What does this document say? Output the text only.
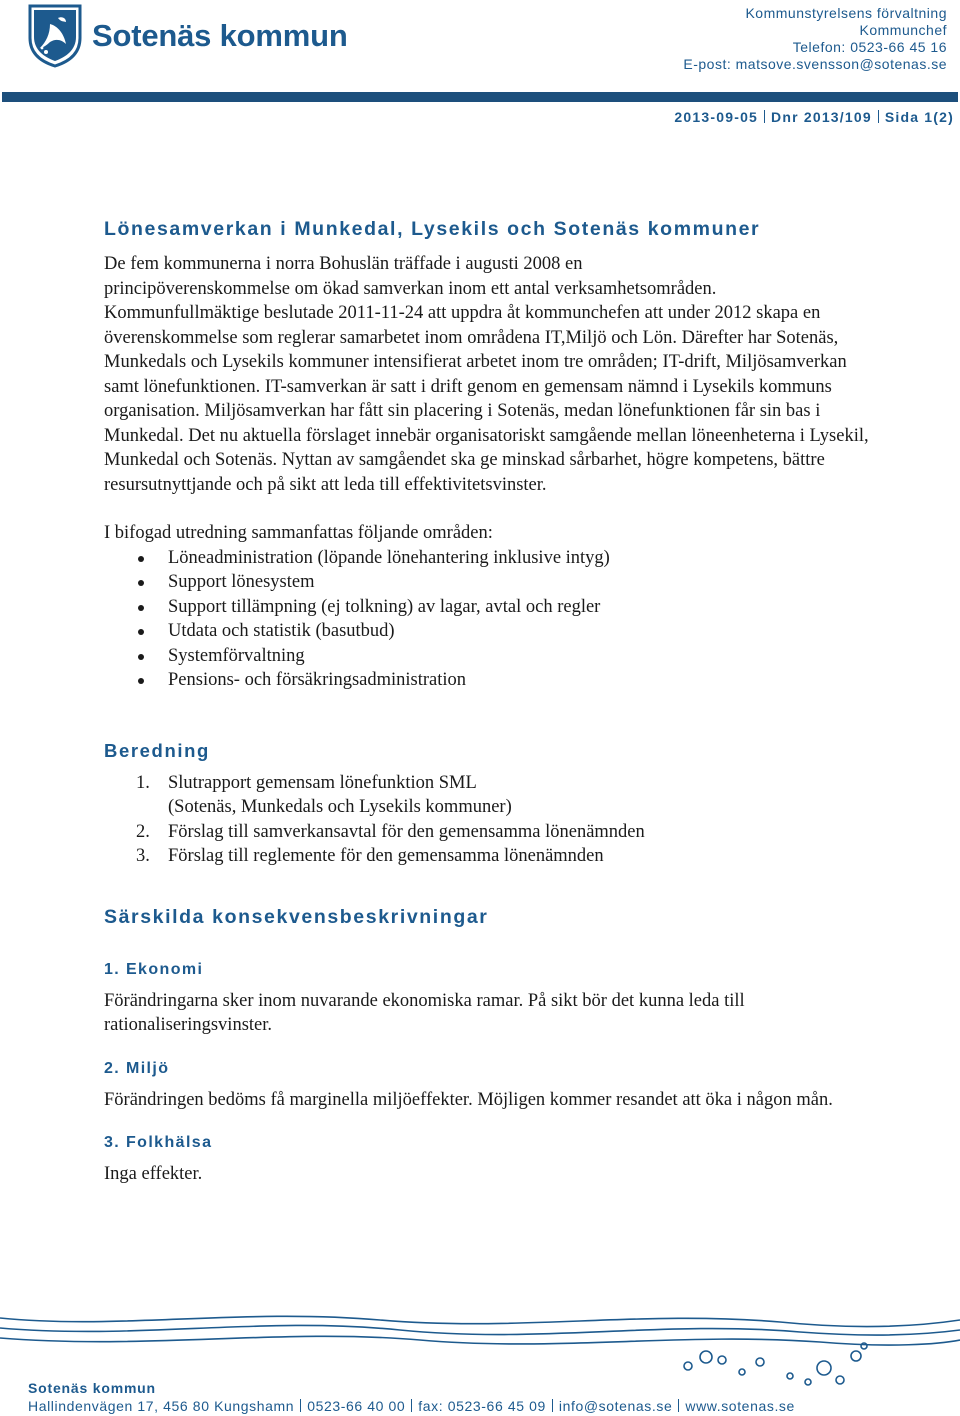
Sotenäs kommun
Kommunstyrelsens förvaltning
Kommunchef
Telefon: 0523-66 45 16
E-post: matsove.svensson@sotenas.se
2013-09-05 Dnr 2013/109 Sida 1(2)
Lönesamverkan i Munkedal, Lysekils och Sotenäs kommuner

De fem kommunerna i norra Bohuslän träffade i augusti 2008 en

principöverenskommelse om ökad samverkan inom ett antal verksamhetsområden.

Kommunfullmäktige beslutade 2011-11-24 att uppdra åt kommunchefen att under 2012 skapa en överenskommelse som reglerar samarbetet inom områdena IT,Miljö och Lön. Därefter har Sotenäs, Munkedals och Lysekils kommuner intensifierat arbetet inom tre områden; IT-drift, Miljösamverkan samt lönefunktionen. IT-samverkan är satt i drift genom en gemensam nämnd i Lysekils kommuns organisation. Miljösamverkan har fått sin placering i Sotenäs, medan lönefunktionen får sin bas i Munkedal. Det nu aktuella förslaget innebär organisatoriskt samgående mellan löneenheterna i Lysekil, Munkedal och Sotenäs. Nyttan av samgåendet ska ge minskad sårbarhet, högre kompetens, bättre resursutnyttjande och på sikt att leda till effektivitetsvinster.

I bifogad utredning sammanfattas följande områden:

Löneadministration (löpande lönehantering inklusive intyg)
Support lönesystem
Support tillämpning (ej tolkning) av lagar, avtal och regler
Utdata och statistik (basutbud)
Systemförvaltning
Pensions- och försäkringsadministration
Beredning
1. Slutrapport gemensam lönefunktion SML
(Sotenäs, Munkedals och Lysekils kommuner)
2. Förslag till samverkansavtal för den gemensamma lönenämnden
3. Förslag till reglemente för den gemensamma lönenämnden
Särskilda konsekvensbeskrivningar
1. Ekonomi

Förändringarna sker inom nuvarande ekonomiska ramar. På sikt bör det kunna leda till rationaliseringsvinster.

2. Miljö

Förändringen bedöms få marginella miljöeffekter. Möjligen kommer resandet att öka i någon mån.

3. Folkhälsa

Inga effekter.

Sotenäs kommun
Hallindenvägen 17, 456 80 Kungshamn 0523-66 40 00 fax: 0523-66 45 09 info@sotenas.se www.sotenas.se
